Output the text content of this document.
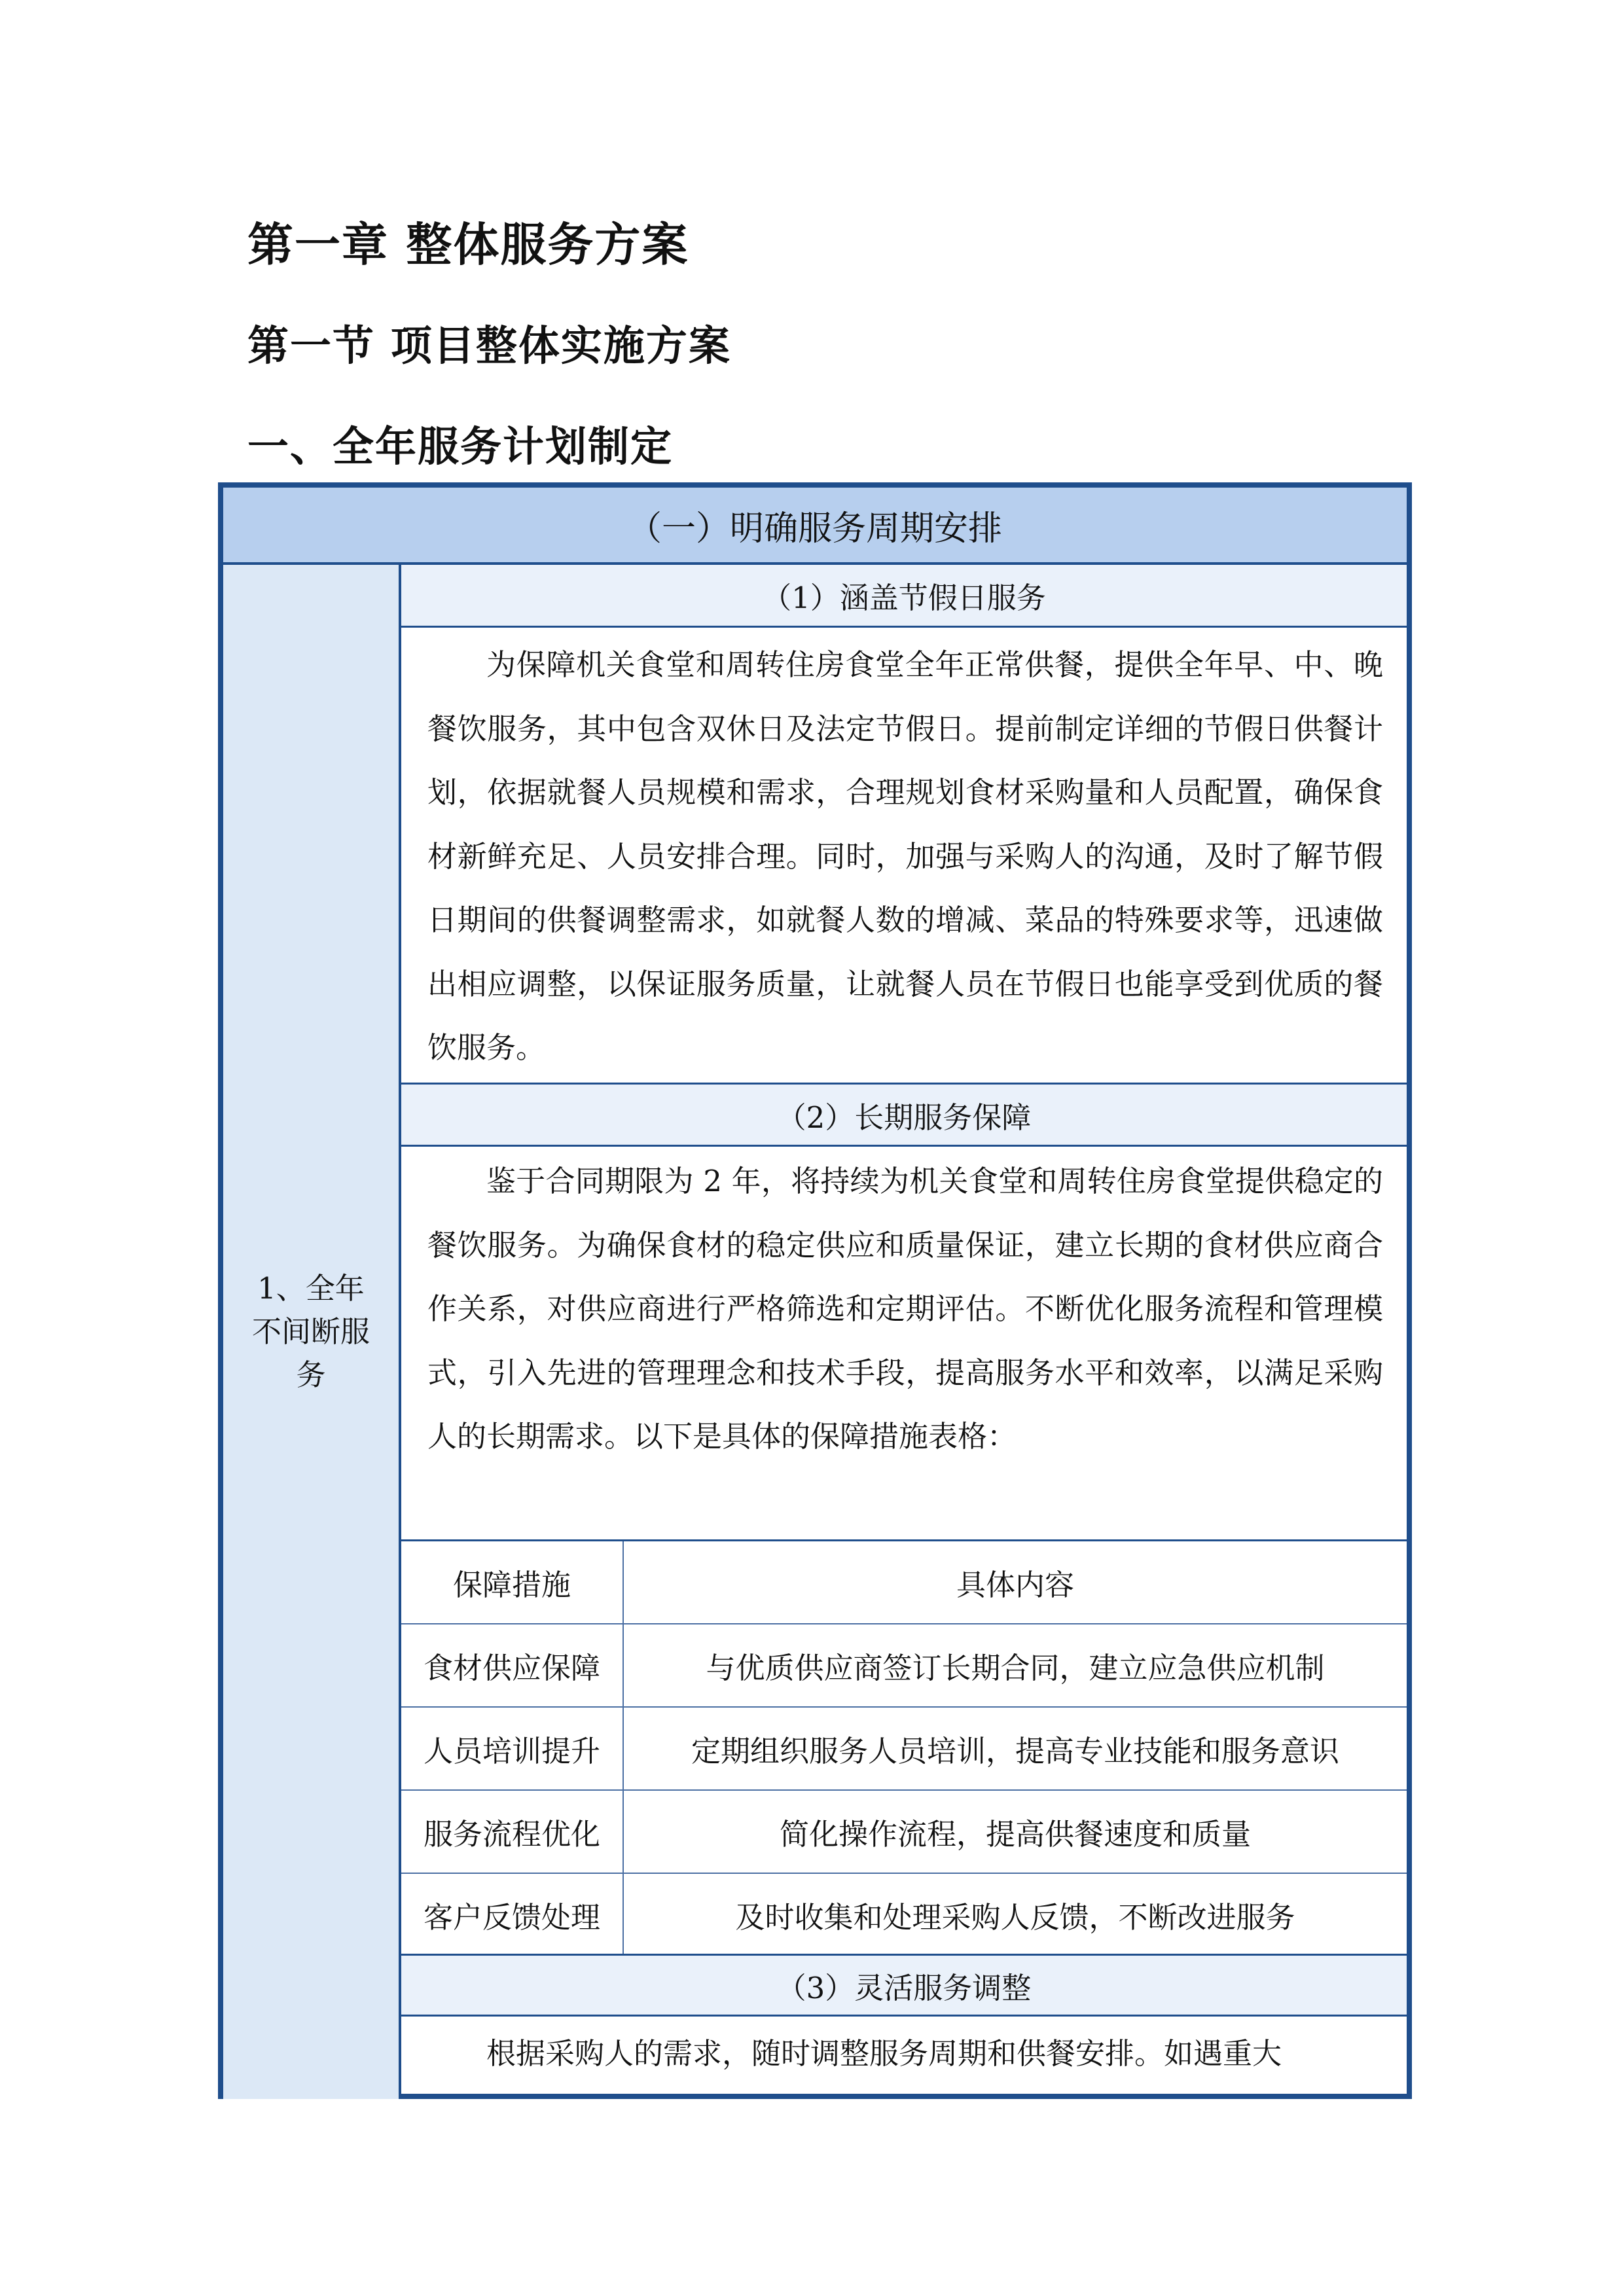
第一章 整体服务方案
第一节 项目整体实施方案
一、全年服务计划制定
（一）明确服务周期安排
1、全年不间断服务
（1）涵盖节假日服务
为保障机关食堂和周转住房食堂全年正常供餐，提供全年早、中、晚餐饮服务，其中包含双休日及法定节假日。提前制定详细的节假日供餐计划，依据就餐人员规模和需求，合理规划食材采购量和人员配置，确保食材新鲜充足、人员安排合理。同时，加强与采购人的沟通，及时了解节假日期间的供餐调整需求，如就餐人数的增减、菜品的特殊要求等，迅速做出相应调整，以保证服务质量，让就餐人员在节假日也能享受到优质的餐饮服务。
（2）长期服务保障
鉴于合同期限为 2 年，将持续为机关食堂和周转住房食堂提供稳定的餐饮服务。为确保食材的稳定供应和质量保证，建立长期的食材供应商合作关系，对供应商进行严格筛选和定期评估。不断优化服务流程和管理模式，引入先进的管理理念和技术手段，提高服务水平和效率，以满足采购人的长期需求。以下是具体的保障措施表格：
保障措施	具体内容
食材供应保障	与优质供应商签订长期合同，建立应急供应机制
人员培训提升	定期组织服务人员培训，提高专业技能和服务意识
服务流程优化	简化操作流程，提高供餐速度和质量
客户反馈处理	及时收集和处理采购人反馈，不断改进服务
（3）灵活服务调整
根据采购人的需求，随时调整服务周期和供餐安排。如遇重大
